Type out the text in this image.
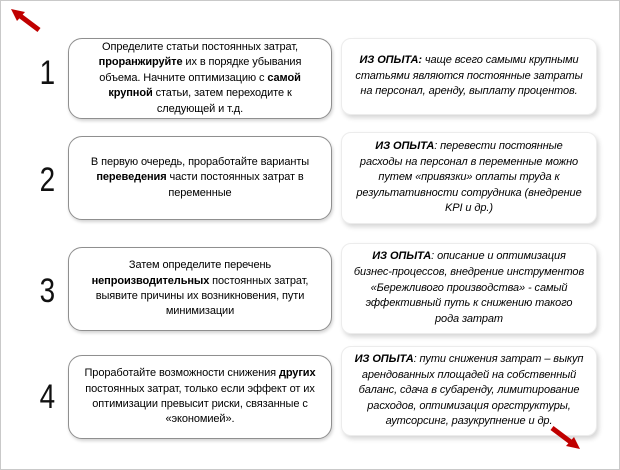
1
2
3
4
Определите статьи постоянных затрат, проранжируйте их в порядке убывания объема. Начните оптимизацию с самой крупной статьи, затем переходите к следующей и т.д.
В первую очередь, проработайте варианты переведения части постоянных затрат в переменные
Затем определите перечень непроизводительных постоянных затрат, выявите причины их возникновения, пути минимизации
Проработайте возможности снижения других постоянных затрат, только если эффект от их оптимизации превысит риски, связанные с «экономией».
ИЗ ОПЫТА: чаще всего самыми крупными статьями являются постоянные затраты на персонал, аренду, выплату процентов.
ИЗ ОПЫТА: перевести постоянные расходы на персонал в переменные можно путем «привязки» оплаты труда к результативности сотрудника (внедрение KPI и др.)
ИЗ ОПЫТА: описание и оптимизация бизнес-процессов, внедрение инструментов «Бережливого производства» - самый эффективный путь к снижению такого рода затрат
ИЗ ОПЫТА: пути снижения затрат – выкуп арендованных площадей на собственный баланс, сдача в субаренду, лимитирование расходов, оптимизация оргструктуры, аутсорсинг, разукрупнение и др.
